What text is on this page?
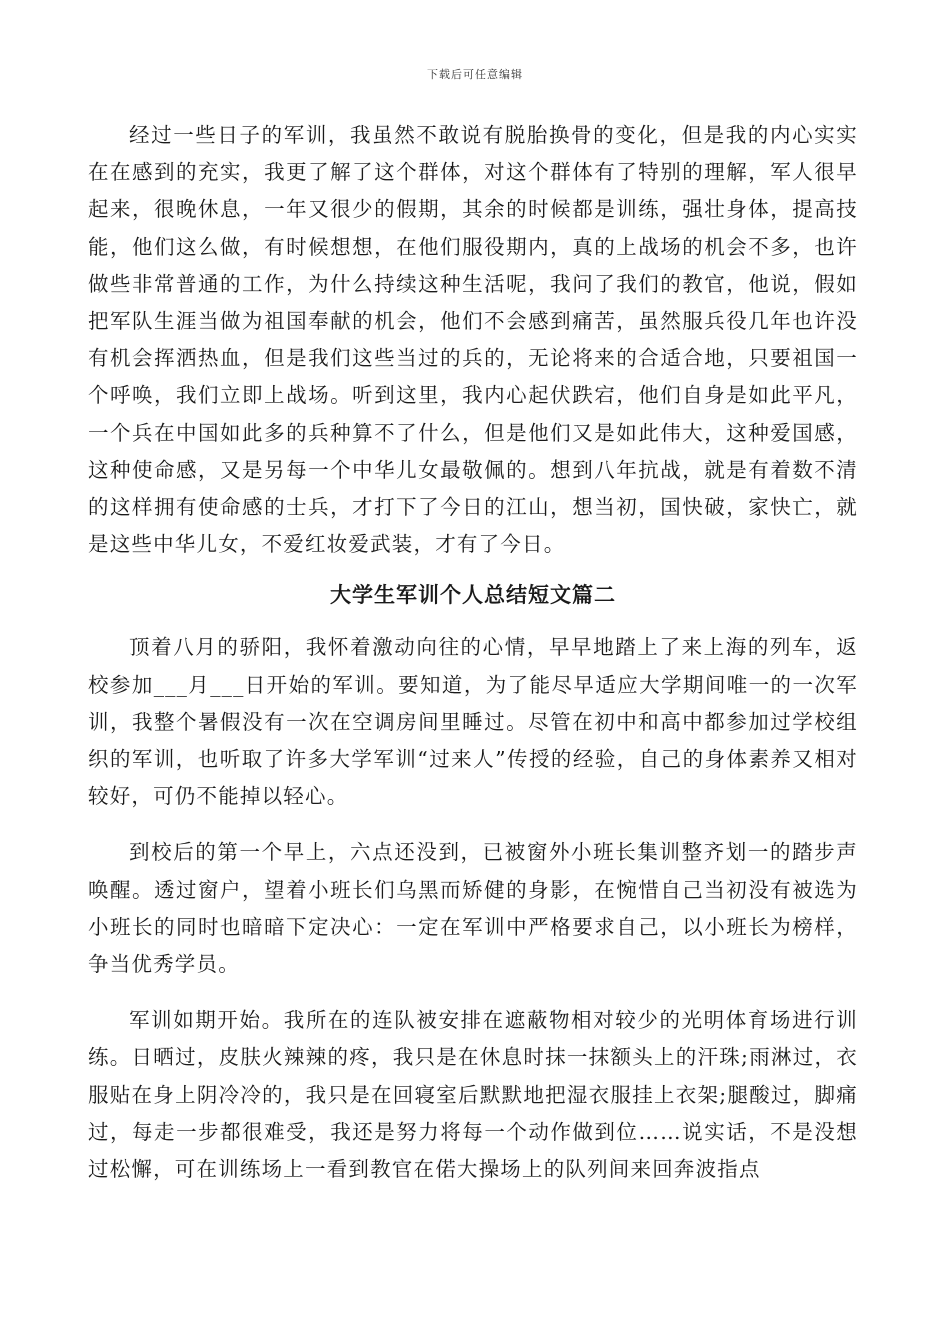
下载后可任意编辑

经过一些日子的军训，我虽然不敢说有脱胎换骨的变化，但是我的内心实实在在感到的充实，我更了解了这个群体，对这个群体有了特别的理解，军人很早起来，很晚休息，一年又很少的假期，其余的时候都是训练，强壮身体，提高技能，他们这么做，有时候想想，在他们服役期内，真的上战场的机会不多，也许做些非常普通的工作，为什么持续这种生活呢，我问了我们的教官，他说，假如把军队生涯当做为祖国奉献的机会，他们不会感到痛苦，虽然服兵役几年也许没有机会挥洒热血，但是我们这些当过的兵的，无论将来的合适合地，只要祖国一个呼唤，我们立即上战场。听到这里，我内心起伏跌宕，他们自身是如此平凡，一个兵在中国如此多的兵种算不了什么，但是他们又是如此伟大，这种爱国感，这种使命感，又是另每一个中华儿女最敬佩的。想到八年抗战，就是有着数不清的这样拥有使命感的士兵，才打下了今日的江山，想当初，国快破，家快亡，就是这些中华儿女，不爱红妆爱武装，才有了今日。

大学生军训个人总结短文篇二

顶着八月的骄阳，我怀着激动向往的心情，早早地踏上了来上海的列车，返校参加___月___日开始的军训。要知道，为了能尽早适应大学期间唯一的一次军训，我整个暑假没有一次在空调房间里睡过。尽管在初中和高中都参加过学校组织的军训，也听取了许多大学军训“过来人”传授的经验，自己的身体素养又相对较好，可仍不能掉以轻心。

到校后的第一个早上，六点还没到，已被窗外小班长集训整齐划一的踏步声唤醒。透过窗户，望着小班长们乌黑而矫健的身影，在惋惜自己当初没有被选为小班长的同时也暗暗下定决心：一定在军训中严格要求自己，以小班长为榜样，争当优秀学员。

军训如期开始。我所在的连队被安排在遮蔽物相对较少的光明体育场进行训练。日晒过，皮肤火辣辣的疼，我只是在休息时抹一抹额头上的汗珠;雨淋过，衣服贴在身上阴冷冷的，我只是在回寝室后默默地把湿衣服挂上衣架;腿酸过，脚痛过，每走一步都很难受，我还是努力将每一个动作做到位……说实话，不是没想过松懈，可在训练场上一看到教官在偌大操场上的队列间来回奔波指点
